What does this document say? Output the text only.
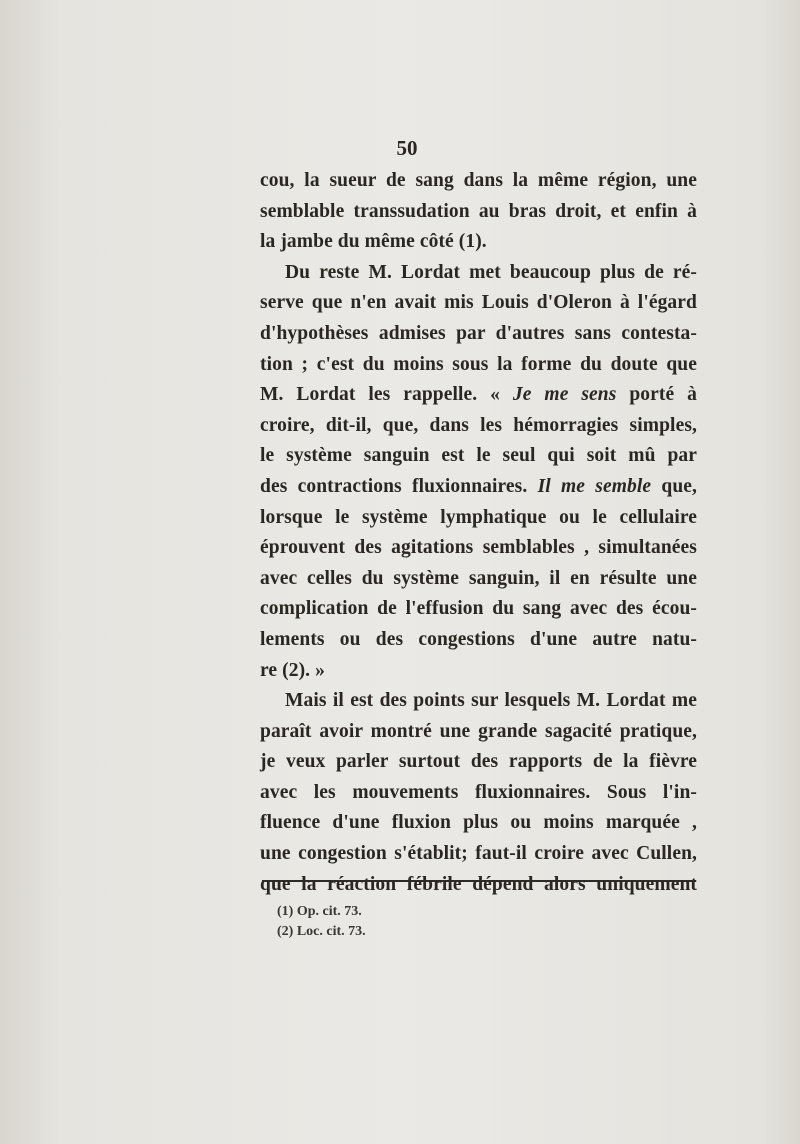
50
cou, la sueur de sang dans la même région, une
semblable transsudation au bras droit, et enfin à
la jambe du même côté (1).
Du reste M. Lordat met beaucoup plus de ré-
serve que n'en avait mis Louis d'Oleron à l'égard
d'hypothèses admises par d'autres sans contesta-
tion ; c'est du moins sous la forme du doute que
M. Lordat les rappelle. « Je me sens porté à
croire, dit-il, que, dans les hémorragies simples,
le système sanguin est le seul qui soit mû par
des contractions fluxionnaires. Il me semble que,
lorsque le système lymphatique ou le cellulaire
éprouvent des agitations semblables , simultanées
avec celles du système sanguin, il en résulte une
complication de l'effusion du sang avec des écou-
lements ou des congestions d'une autre natu-
re (2). »
Mais il est des points sur lesquels M. Lordat me
paraît avoir montré une grande sagacité pratique,
je veux parler surtout des rapports de la fièvre
avec les mouvements fluxionnaires. Sous l'in-
fluence d'une fluxion plus ou moins marquée ,
une congestion s'établit; faut-il croire avec Cullen,
que la réaction fébrile dépend alors uniquement
(1) Op. cit. 73.
(2) Loc. cit. 73.
